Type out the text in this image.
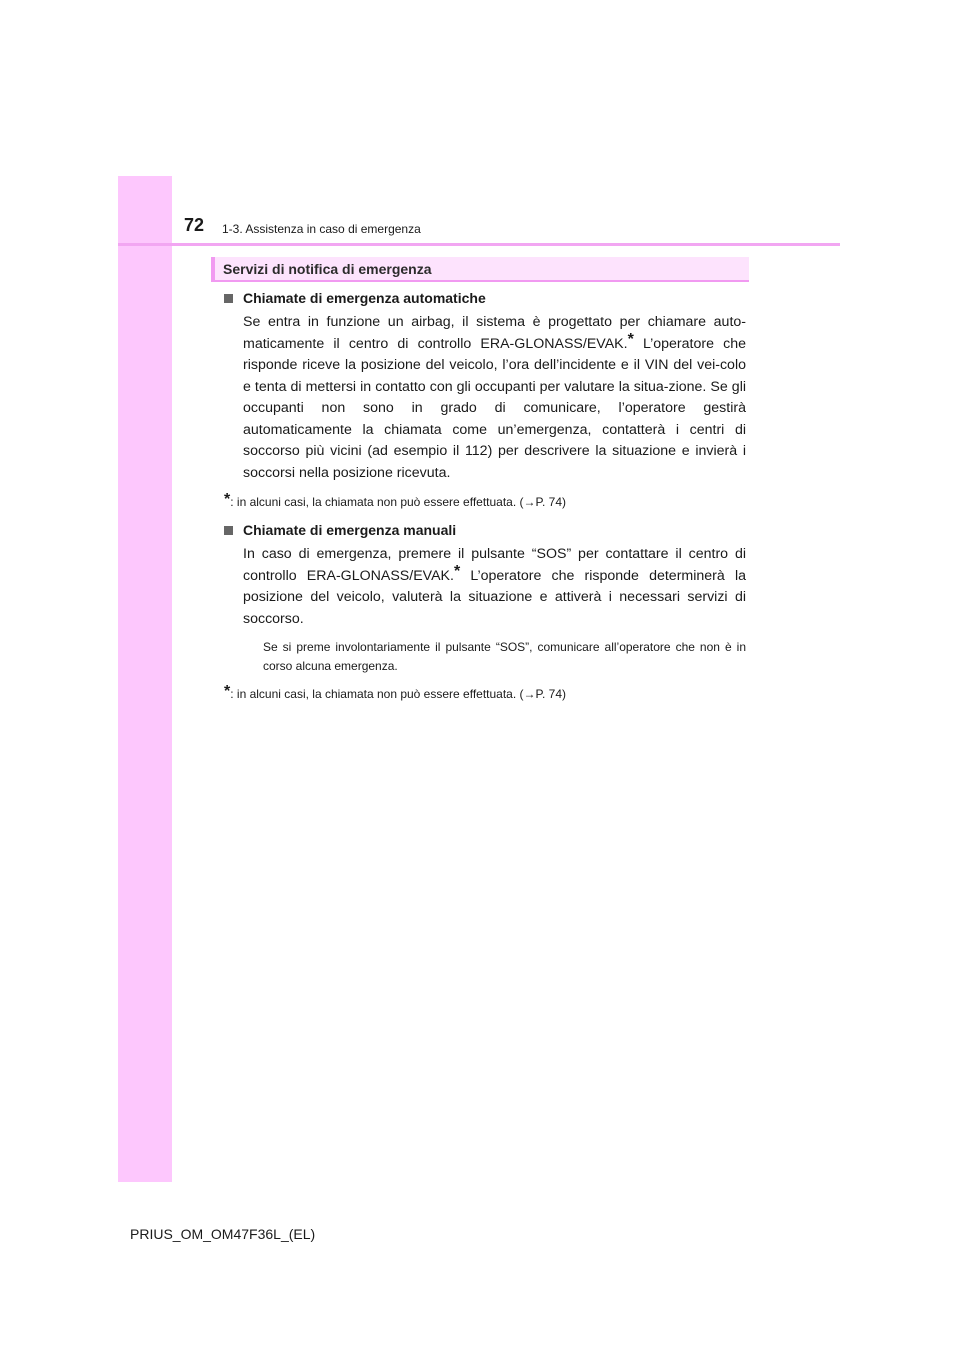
72 1-3. Assistenza in caso di emergenza
Servizi di notifica di emergenza

Chiamate di emergenza automatiche

Se entra in funzione un airbag, il sistema è progettato per chiamare auto-maticamente il centro di controllo ERA-GLONASS/EVAK.* L’operatore che risponde riceve la posizione del veicolo, l’ora dell’incidente e il VIN del vei-colo e tenta di mettersi in contatto con gli occupanti per valutare la situa-zione. Se gli occupanti non sono in grado di comunicare, l’operatore gestirà automaticamente la chiamata come un’emergenza, contatterà i centri di soccorso più vicini (ad esempio il 112) per descrivere la situazione e invierà i soccorsi nella posizione ricevuta.

*: in alcuni casi, la chiamata non può essere effettuata. (→P. 74)

Chiamate di emergenza manuali

In caso di emergenza, premere il pulsante “SOS” per contattare il centro di controllo ERA-GLONASS/EVAK.* L’operatore che risponde determinerà la posizione del veicolo, valuterà la situazione e attiverà i necessari servizi di soccorso.

Se si preme involontariamente il pulsante “SOS”, comunicare all’operatore che non è in corso alcuna emergenza.

*: in alcuni casi, la chiamata non può essere effettuata. (→P. 74)

PRIUS_OM_OM47F36L_(EL)
